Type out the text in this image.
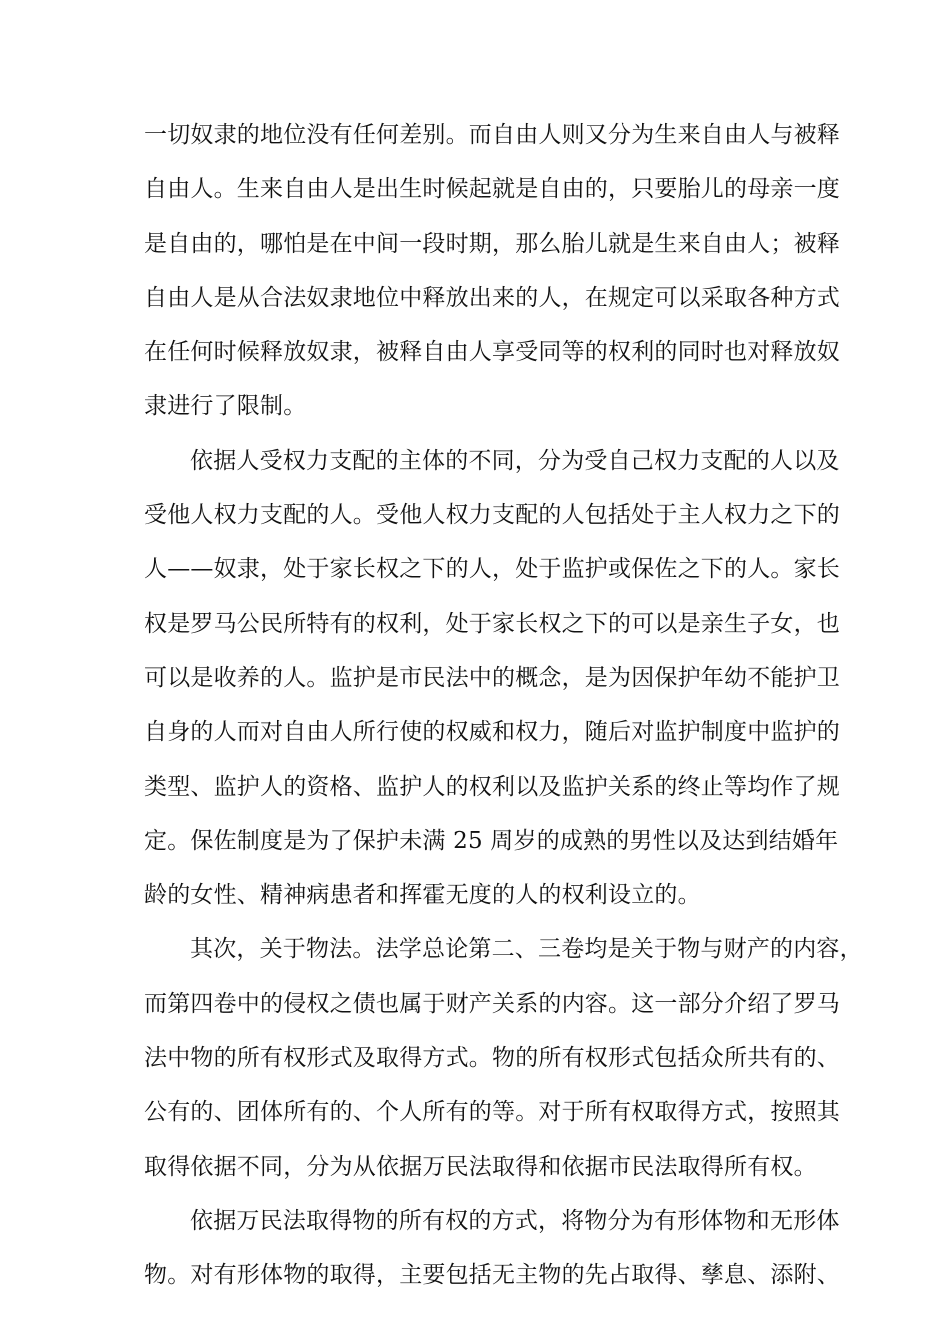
一切奴隶的地位没有任何差别。而自由人则又分为生来自由人与被释
自由人。生来自由人是出生时候起就是自由的，只要胎儿的母亲一度
是自由的，哪怕是在中间一段时期，那么胎儿就是生来自由人；被释
自由人是从合法奴隶地位中释放出来的人，在规定可以采取各种方式
在任何时候释放奴隶，被释自由人享受同等的权利的同时也对释放奴
隶进行了限制。
依据人受权力支配的主体的不同，分为受自己权力支配的人以及
受他人权力支配的人。受他人权力支配的人包括处于主人权力之下的
人——奴隶，处于家长权之下的人，处于监护或保佐之下的人。家长
权是罗马公民所特有的权利，处于家长权之下的可以是亲生子女，也
可以是收养的人。监护是市民法中的概念，是为因保护年幼不能护卫
自身的人而对自由人所行使的权威和权力，随后对监护制度中监护的
类型、监护人的资格、监护人的权利以及监护关系的终止等均作了规
定。保佐制度是为了保护未满 25 周岁的成熟的男性以及达到结婚年
龄的女性、精神病患者和挥霍无度的人的权利设立的。
其次，关于物法。法学总论第二、三卷均是关于物与财产的内容，
而第四卷中的侵权之债也属于财产关系的内容。这一部分介绍了罗马
法中物的所有权形式及取得方式。物的所有权形式包括众所共有的、
公有的、团体所有的、个人所有的等。对于所有权取得方式，按照其
取得依据不同，分为从依据万民法取得和依据市民法取得所有权。
依据万民法取得物的所有权的方式，将物分为有形体物和无形体
物。对有形体物的取得，主要包括无主物的先占取得、孳息、添附、
